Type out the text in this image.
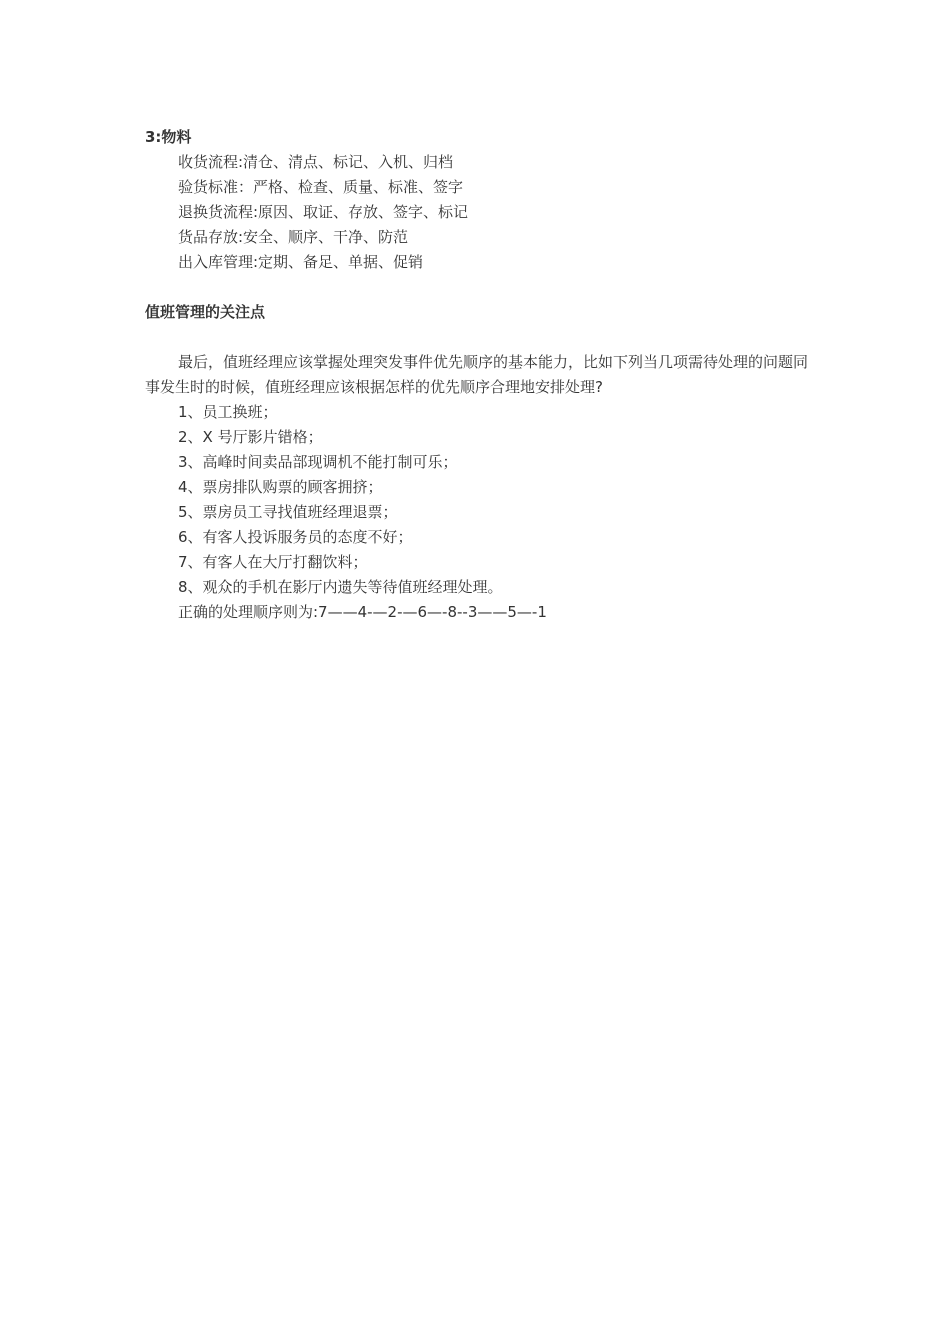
3:物料

收货流程:清仓、清点、标记、入机、归档

验货标准：严格、检查、质量、标准、签字

退换货流程:原因、取证、存放、签字、标记

货品存放:安全、顺序、干净、防范

出入库管理:定期、备足、单据、促销

值班管理的关注点

最后，值班经理应该掌握处理突发事件优先顺序的基本能力，比如下列当几项需待处理的问题同事发生时的时候，值班经理应该根据怎样的优先顺序合理地安排处理?

1、员工换班；

2、X 号厅影片错格；

3、高峰时间卖品部现调机不能打制可乐；

4、票房排队购票的顾客拥挤；

5、票房员工寻找值班经理退票；

6、有客人投诉服务员的态度不好；

7、有客人在大厅打翻饮料；

8、观众的手机在影厅内遗失等待值班经理处理。

正确的处理顺序则为:7——4-—2-—6—-8--3——5—-1
